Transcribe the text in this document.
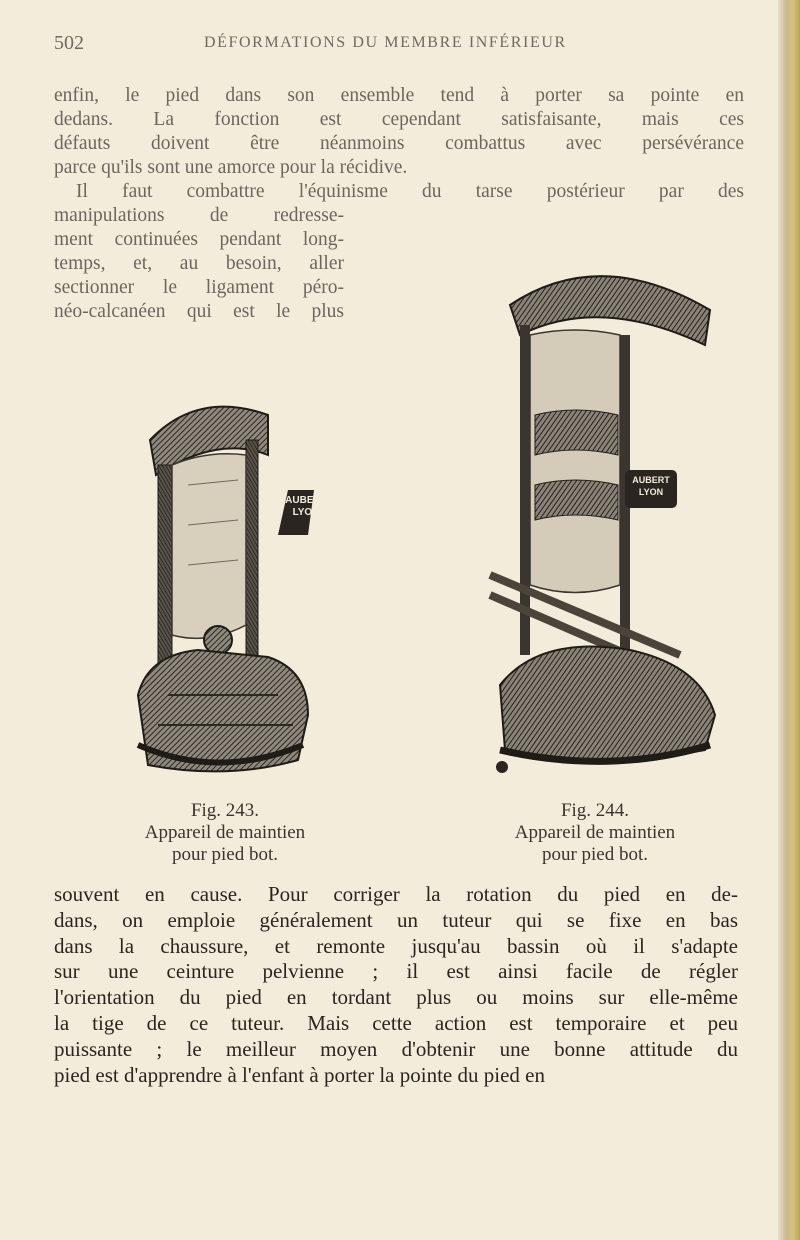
502	DÉFORMATIONS DU MEMBRE INFÉRIEUR
enfin, le pied dans son ensemble tend à porter sa pointe en
dedans. La fonction est cependant satisfaisante, mais ces
défauts doivent être néanmoins combattus avec persévérance
parce qu'ils sont une amorce pour la récidive.
Il faut combattre l'équinisme du tarse postérieur par des
manipulations de redresse-
ment continuées pendant long-
temps, et, au besoin, aller
sectionner le ligament péro-
néo-calcanéen qui est le plus
AUBERT
LYON
AUBERT
LYON
Fig. 243.
Appareil de maintien
pour pied bot.
Fig. 244.
Appareil de maintien
pour pied bot.
souvent en cause. Pour corriger la rotation du pied en de-
dans, on emploie généralement un tuteur qui se fixe en bas
dans la chaussure, et remonte jusqu'au bassin où il s'adapte
sur une ceinture pelvienne ; il est ainsi facile de régler
l'orientation du pied en tordant plus ou moins sur elle-même
la tige de ce tuteur. Mais cette action est temporaire et peu
puissante ; le meilleur moyen d'obtenir une bonne attitude du
pied est d'apprendre à l'enfant à porter la pointe du pied en
